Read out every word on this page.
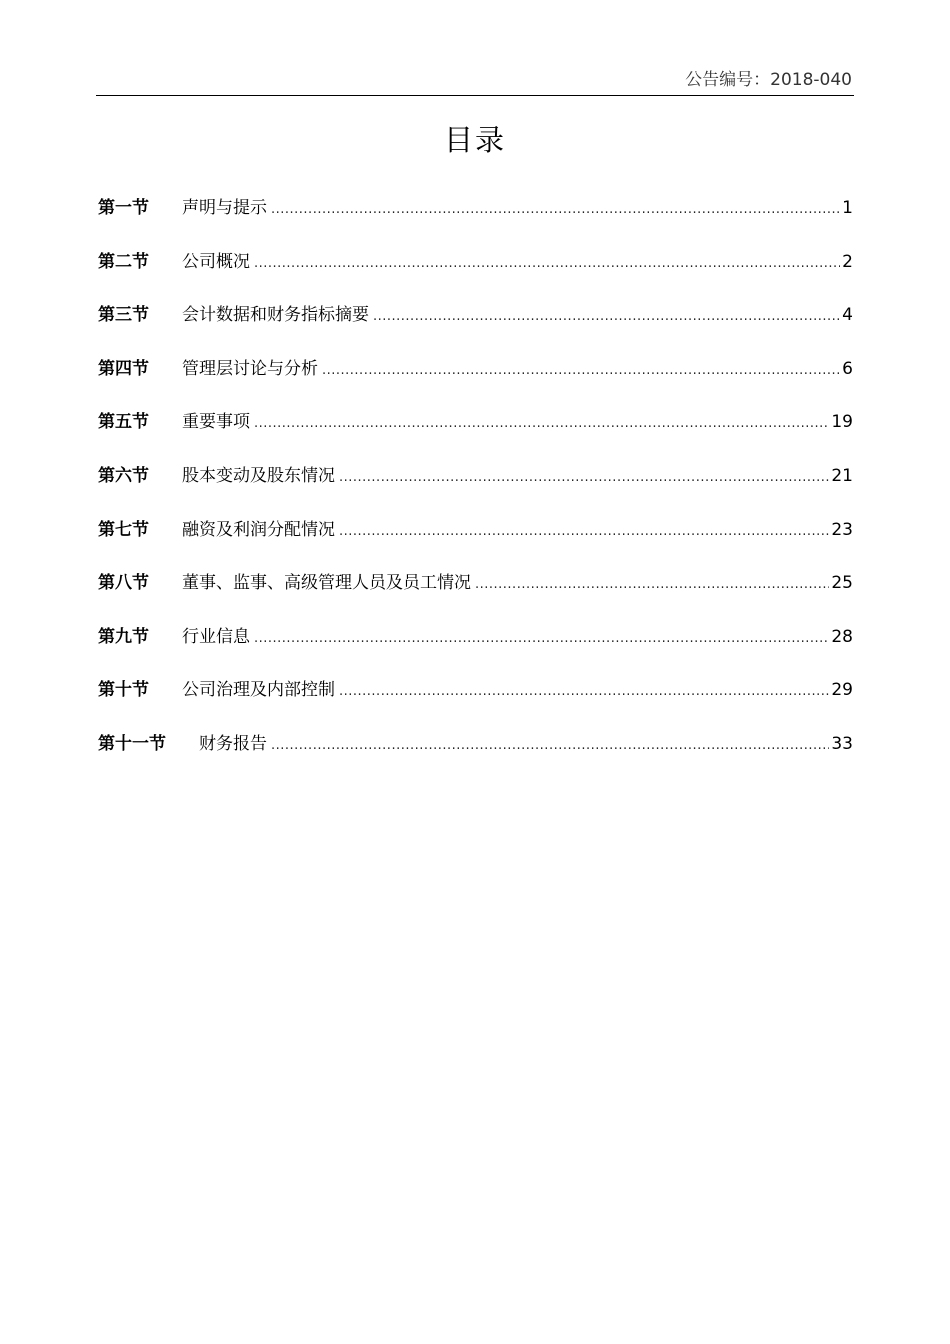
公告编号：2018-040
目录
第一节	声明与提示 .....	1
第二节	公司概况 .....	2
第三节	会计数据和财务指标摘要 .....	4
第四节	管理层讨论与分析 .....	6
第五节	重要事项 .....	19
第六节	股本变动及股东情况 .....	21
第七节	融资及利润分配情况 .....	23
第八节	董事、监事、高级管理人员及员工情况 .....	25
第九节	行业信息 .....	28
第十节	公司治理及内部控制 .....	29
第十一节	财务报告 .....	33
